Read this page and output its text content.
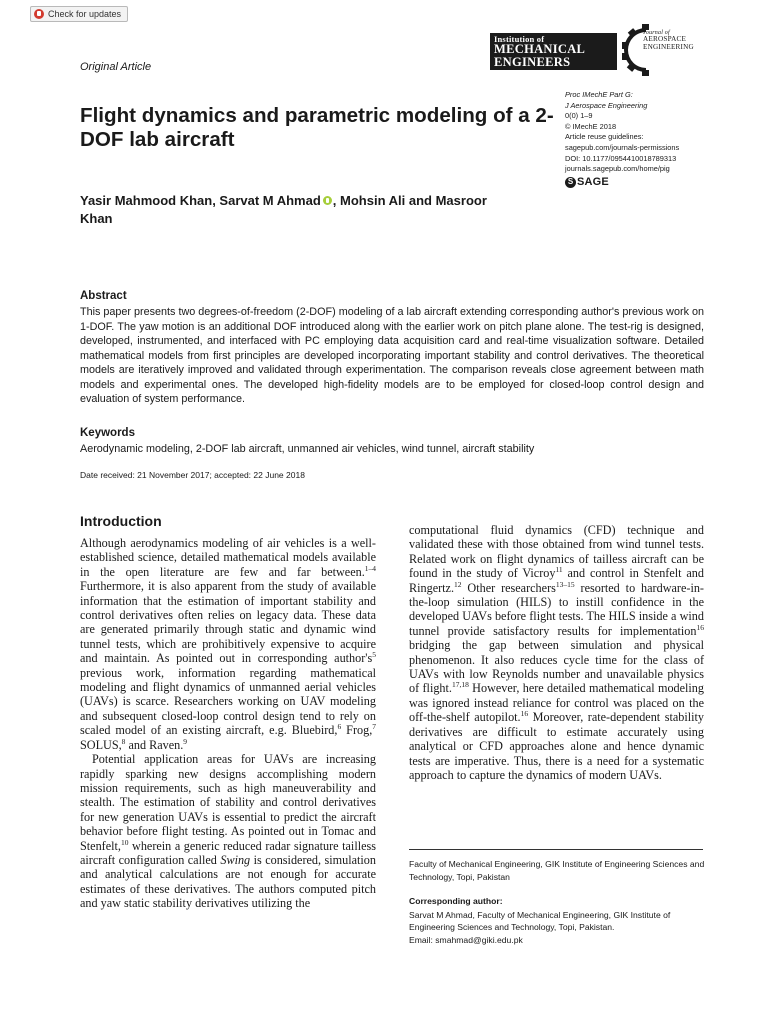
Check for updates
Original Article
Institution of
MECHANICAL
ENGINEERS
Journal of
AEROSPACE
ENGINEERING
Proc IMechE Part G:
J Aerospace Engineering
0(0) 1–9
© IMechE 2018
Article reuse guidelines:
sagepub.com/journals-permissions
DOI: 10.1177/0954410018789313
journals.sagepub.com/home/pig
S SAGE
Flight dynamics and parametric modeling of a 2-DOF lab aircraft
Yasir Mahmood Khan, Sarvat M Ahmad , Mohsin Ali and Masroor Khan
Abstract
This paper presents two degrees-of-freedom (2-DOF) modeling of a lab aircraft extending corresponding author's previous work on 1-DOF. The yaw motion is an additional DOF introduced along with the earlier work on pitch plane alone. The test-rig is designed, developed, instrumented, and interfaced with PC employing data acquisition card and real-time visualization software. Detailed mathematical models from first principles are developed incorporating important stability and control derivatives. The theoretical models are iteratively improved and validated through experimentation. The comparison reveals close agreement between math models and experimental ones. The developed high-fidelity models are to be employed for closed-loop control design and evaluation of system performance.
Keywords
Aerodynamic modeling, 2-DOF lab aircraft, unmanned air vehicles, wind tunnel, aircraft stability
Date received: 21 November 2017; accepted: 22 June 2018
Introduction

Although aerodynamics modeling of air vehicles is a well-established science, detailed mathematical models available in the open literature are few and far between.$^{1-4}$ Furthermore, it is also apparent from the study of available information that the estimation of important stability and control derivatives often relies on legacy data. These data are generated primarily through static and dynamic wind tunnel tests, which are prohibitively expensive to acquire and maintain. As pointed out in corresponding $author's^5$ previous work, information regarding mathematical modeling and flight dynamics of unmanned aerial vehicles (UAVs) is scarce. Researchers working on UAV modeling and subsequent closed-loop control design tend to rely on scaled model of an existing aircraft, e.g. Bluebird,$^6$ Frog,$^7$ SOLUS,$^8$ and Raven.$^9$

Potential application areas for UAVs are increasing rapidly sparking new designs accomplishing modern mission requirements, such as high maneuverability and stealth. The estimation of stability and control derivatives for new generation UAVs is essential to predict the aircraft behavior before flight testing. As pointed out in Tomac and Stenfelt,$^{10}$ wherein a generic reduced radar signature tailless aircraft configuration called Swing is considered, simulation and analytical calculations are not enough for accurate estimates of these derivatives. The authors computed pitch and yaw static stability derivatives utilizing the

computational fluid dynamics (CFD) technique and validated these with those obtained from wind tunnel tests. Related work on flight dynamics of tailless aircraft can be found in the study of Vicroy$^{11}$ and control in Stenfelt and Ringertz.$^{12}$ Other researchers$^{13-15}$ resorted to hardware-in-the-loop simulation (HILS) to instill confidence in the developed UAVs before flight tests. The HILS inside a wind tunnel provide satisfactory results for implementation$^{16}$ bridging the gap between simulation and physical phenomenon. It also reduces cycle time for the class of UAVs with low Reynolds number and unavailable physics of flight.$^{17,18}$ However, here detailed mathematical modeling was ignored instead reliance for control was placed on the off-the-shelf autopilot.$^{16}$ Moreover, rate-dependent stability derivatives are difficult to estimate accurately using analytical or CFD approaches alone and hence dynamic tests are imperative. Thus, there is a need for a systematic approach to capture the dynamics of modern UAVs.

Faculty of Mechanical Engineering, GIK Institute of Engineering Sciences and Technology, Topi, Pakistan
Corresponding author:
Sarvat M Ahmad, Faculty of Mechanical Engineering, GIK Institute of
Engineering Sciences and Technology, Topi, Pakistan.
Email: smahmad@giki.edu.pk
